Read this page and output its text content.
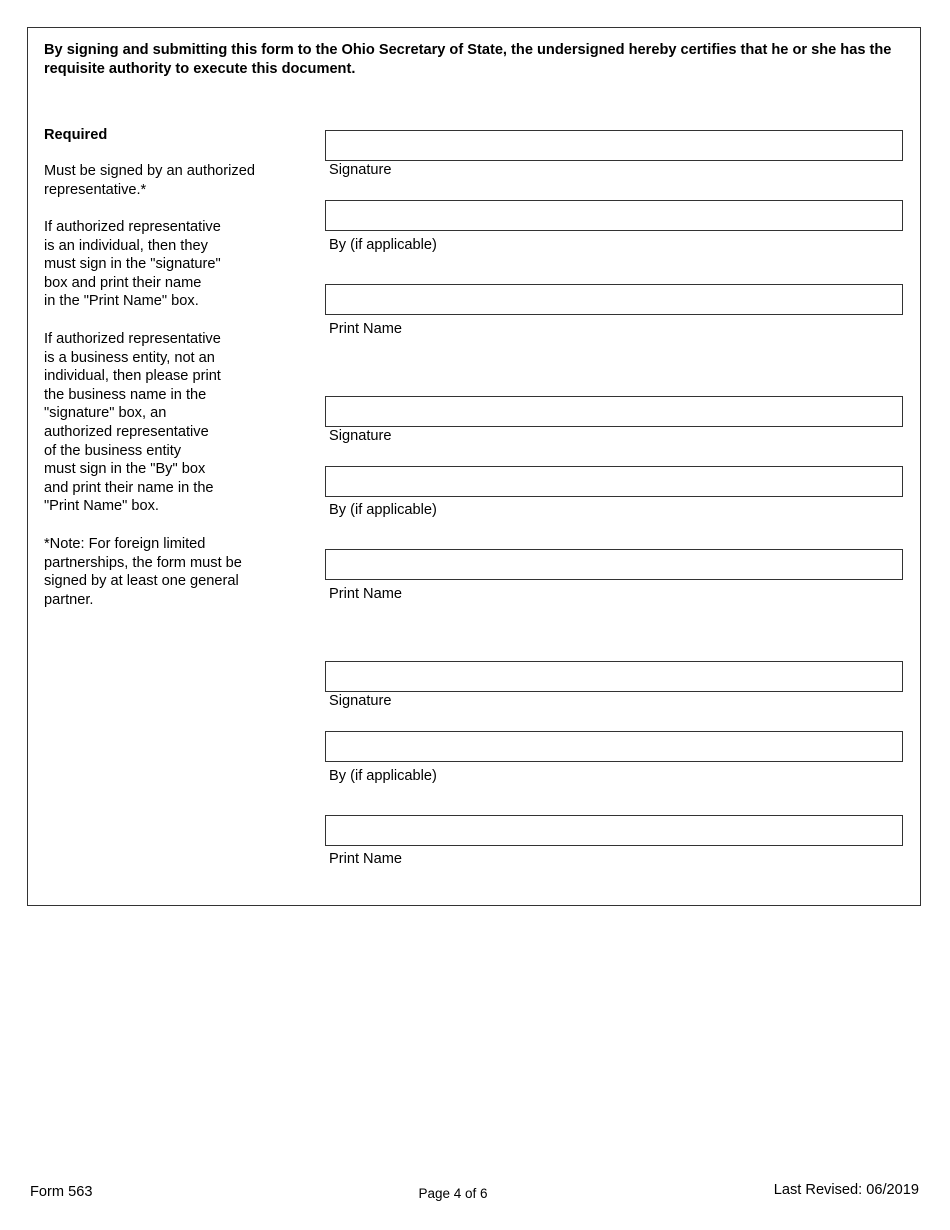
By signing and submitting this form to the Ohio Secretary of State, the undersigned hereby certifies that he or she has the requisite authority to execute this document.
Required
Must be signed by an authorized
representative.*
If authorized representative
is an individual, then they
must sign in the "signature"
box and print their name
in the "Print Name" box.
If authorized representative
is a business entity, not an
individual, then please print
the business name in the
"signature" box, an
authorized representative
of the business entity
must sign in the "By" box
and print their name in the
"Print Name" box.
*Note: For foreign limited
partnerships, the form must be
signed by at least one general
partner.
Signature
By (if applicable)
Print Name
Signature
By (if applicable)
Print Name
Signature
By (if applicable)
Print Name
Form 563	Page 4 of 6	Last Revised: 06/2019
